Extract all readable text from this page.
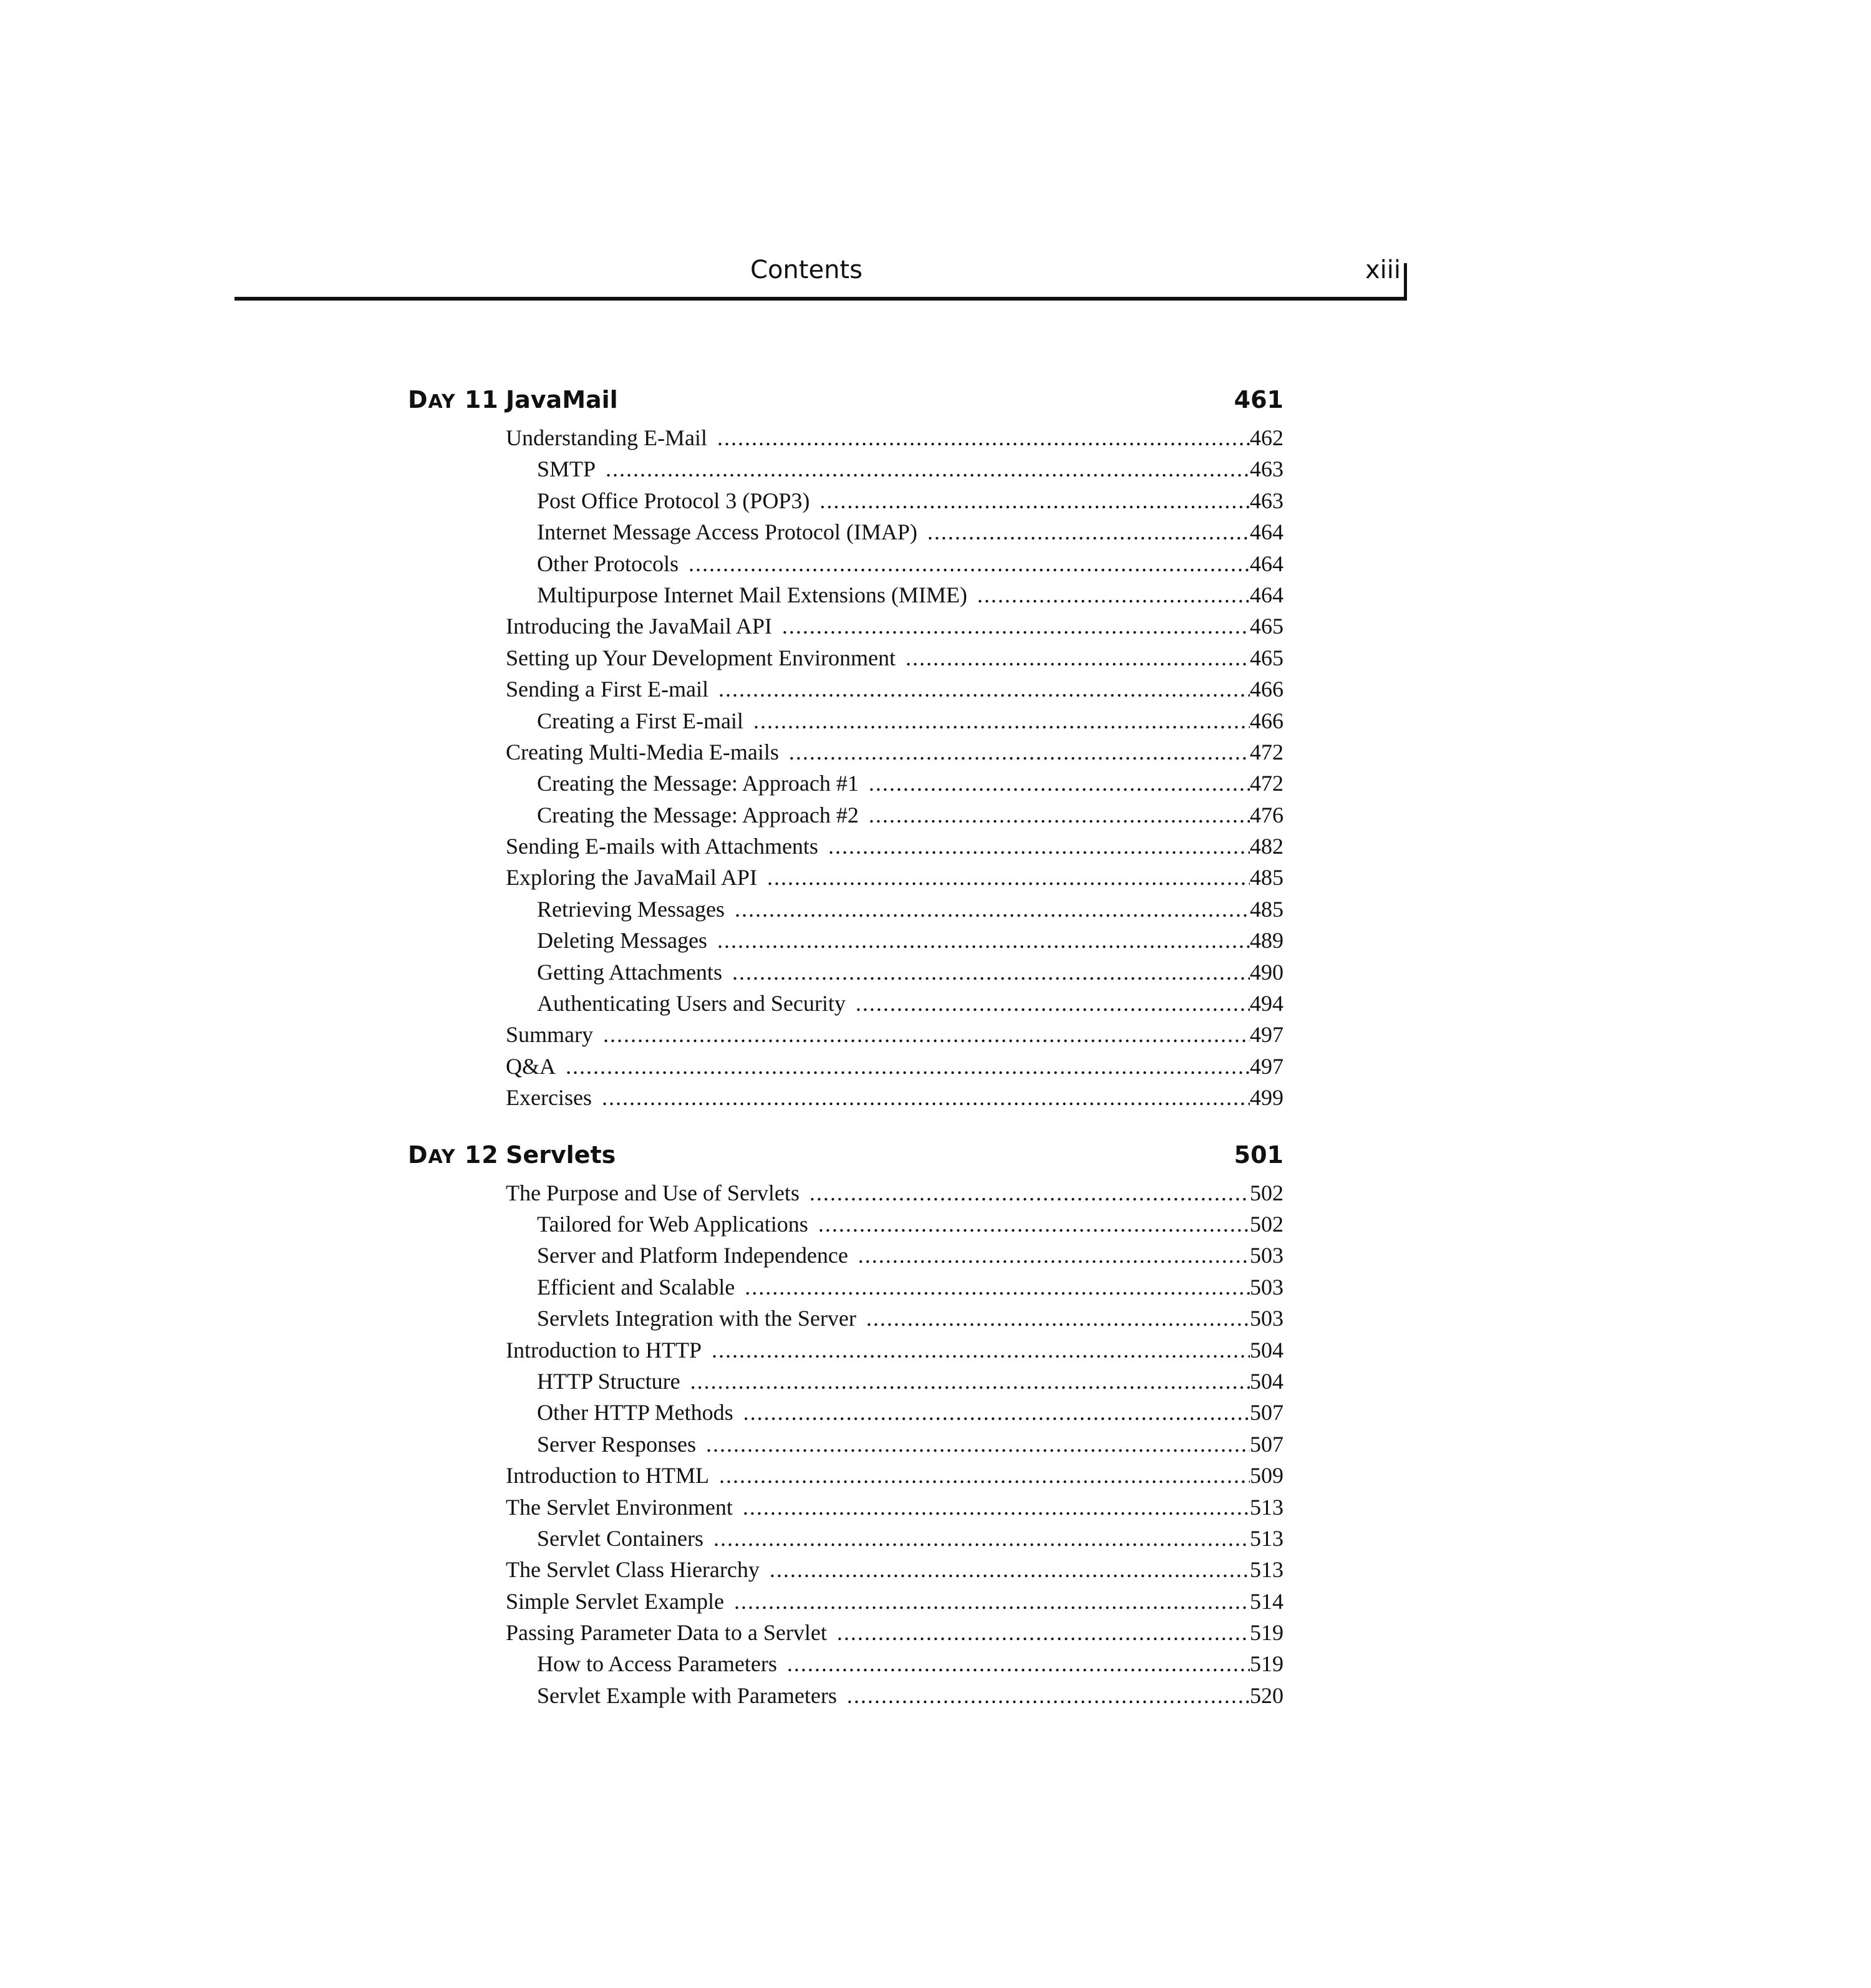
Contents	xiii
DAY 11 JavaMail	461
Understanding E-Mail .....	462
SMTP .....	463
Post Office Protocol 3 (POP3) .....	463
Internet Message Access Protocol (IMAP) .....	464
Other Protocols .....	464
Multipurpose Internet Mail Extensions (MIME) .....	464
Introducing the JavaMail API .....	465
Setting up Your Development Environment .....	465
Sending a First E-mail .....	466
Creating a First E-mail .....	466
Creating Multi-Media E-mails .....	472
Creating the Message: Approach #1 .....	472
Creating the Message: Approach #2 .....	476
Sending E-mails with Attachments .....	482
Exploring the JavaMail API .....	485
Retrieving Messages .....	485
Deleting Messages .....	489
Getting Attachments .....	490
Authenticating Users and Security .....	494
Summary .....	497
Q&A .....	497
Exercises .....	499
DAY 12 Servlets	501
The Purpose and Use of Servlets .....	502
Tailored for Web Applications .....	502
Server and Platform Independence .....	503
Efficient and Scalable .....	503
Servlets Integration with the Server .....	503
Introduction to HTTP .....	504
HTTP Structure .....	504
Other HTTP Methods .....	507
Server Responses .....	507
Introduction to HTML .....	509
The Servlet Environment .....	513
Servlet Containers .....	513
The Servlet Class Hierarchy .....	513
Simple Servlet Example .....	514
Passing Parameter Data to a Servlet .....	519
How to Access Parameters .....	519
Servlet Example with Parameters .....	520
